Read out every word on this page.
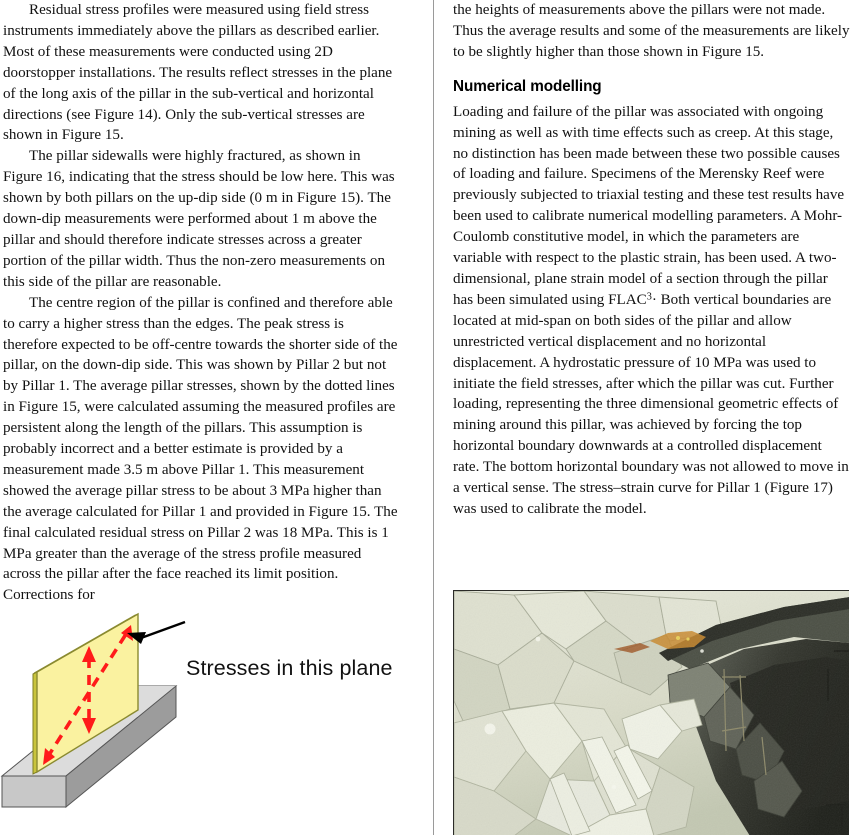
Residual stress profiles were measured using field stress instruments immediately above the pillars as described earlier. Most of these measurements were conducted using 2D doorstopper installations. The results reflect stresses in the plane of the long axis of the pillar in the sub-vertical and horizontal directions (see Figure 14). Only the sub-vertical stresses are shown in Figure 15.

The pillar sidewalls were highly fractured, as shown in Figure 16, indicating that the stress should be low here. This was shown by both pillars on the up-dip side (0 m in Figure 15). The down-dip measurements were performed about 1 m above the pillar and should therefore indicate stresses across a greater portion of the pillar width. Thus the non-zero measurements on this side of the pillar are reasonable.

The centre region of the pillar is confined and therefore able to carry a higher stress than the edges. The peak stress is therefore expected to be off-centre towards the shorter side of the pillar, on the down-dip side. This was shown by Pillar 2 but not by Pillar 1. The average pillar stresses, shown by the dotted lines in Figure 15, were calculated assuming the measured profiles are persistent along the length of the pillars. This assumption is probably incorrect and a better estimate is provided by a measurement made 3.5 m above Pillar 1. This measurement showed the average pillar stress to be about 3 MPa higher than the average calculated for Pillar 1 and provided in Figure 15. The final calculated residual stress on Pillar 2 was 18 MPa. This is 1 MPa greater than the average of the stress profile measured across the pillar after the face reached its limit position. Corrections for

Stresses in this plane

the heights of measurements above the pillars were not made. Thus the average results and some of the measurements are likely to be slightly higher than those shown in Figure 15.

Numerical modelling

Loading and failure of the pillar was associated with ongoing mining as well as with time effects such as creep. At this stage, no distinction has been made between these two possible causes of loading and failure. Specimens of the Merensky Reef were previously subjected to triaxial testing and these test results have been used to calibrate numerical modelling parameters. A Mohr-Coulomb constitutive model, in which the parameters are variable with respect to the plastic strain, has been used. A two-dimensional, plane strain model of a section through the pillar has been simulated using $FLAC^3\cdot$ Both vertical boundaries are located at mid-span on both sides of the pillar and allow unrestricted vertical displacement and no horizontal displacement. A hydrostatic pressure of 10 MPa was used to initiate the field stresses, after which the pillar was cut. Further loading, representing the three dimensional geometric effects of mining around this pillar, was achieved by forcing the top horizontal boundary downwards at a controlled displacement rate. The bottom horizontal boundary was not allowed to move in a vertical sense. The stress–strain curve for Pillar 1 (Figure 17) was used to calibrate the model.
